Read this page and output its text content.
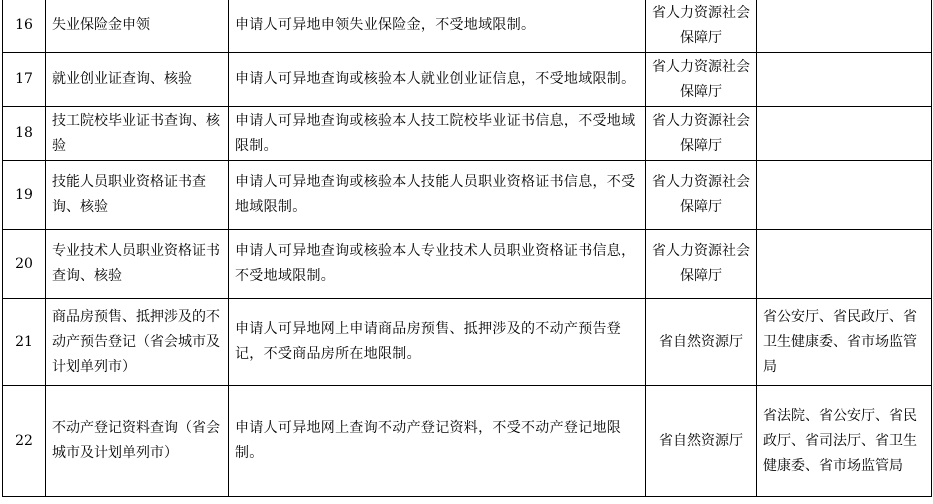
16	失业保险金申领	申请人可异地申领失业保险金，不受地域限制。	省人力资源社会保障厅	
17	就业创业证查询、核验	申请人可异地查询或核验本人就业创业证信息，不受地域限制。	省人力资源社会保障厅	
18	技工院校毕业证书查询、核验	申请人可异地查询或核验本人技工院校毕业证书信息，不受地域限制。	省人力资源社会保障厅	
19	技能人员职业资格证书查询、核验	申请人可异地查询或核验本人技能人员职业资格证书信息，不受地域限制。	省人力资源社会保障厅	
20	专业技术人员职业资格证书查询、核验	申请人可异地查询或核验本人专业技术人员职业资格证书信息，不受地域限制。	省人力资源社会保障厅	
21	商品房预售、抵押涉及的不动产预告登记（省会城市及计划单列市）	申请人可异地网上申请商品房预售、抵押涉及的不动产预告登记，不受商品房所在地限制。	省自然资源厅	省公安厅、省民政厅、省卫生健康委、省市场监管局
22	不动产登记资料查询（省会城市及计划单列市）	申请人可异地网上查询不动产登记资料，不受不动产登记地限制。	省自然资源厅	省法院、省公安厅、省民政厅、省司法厅、省卫生健康委、省市场监管局
